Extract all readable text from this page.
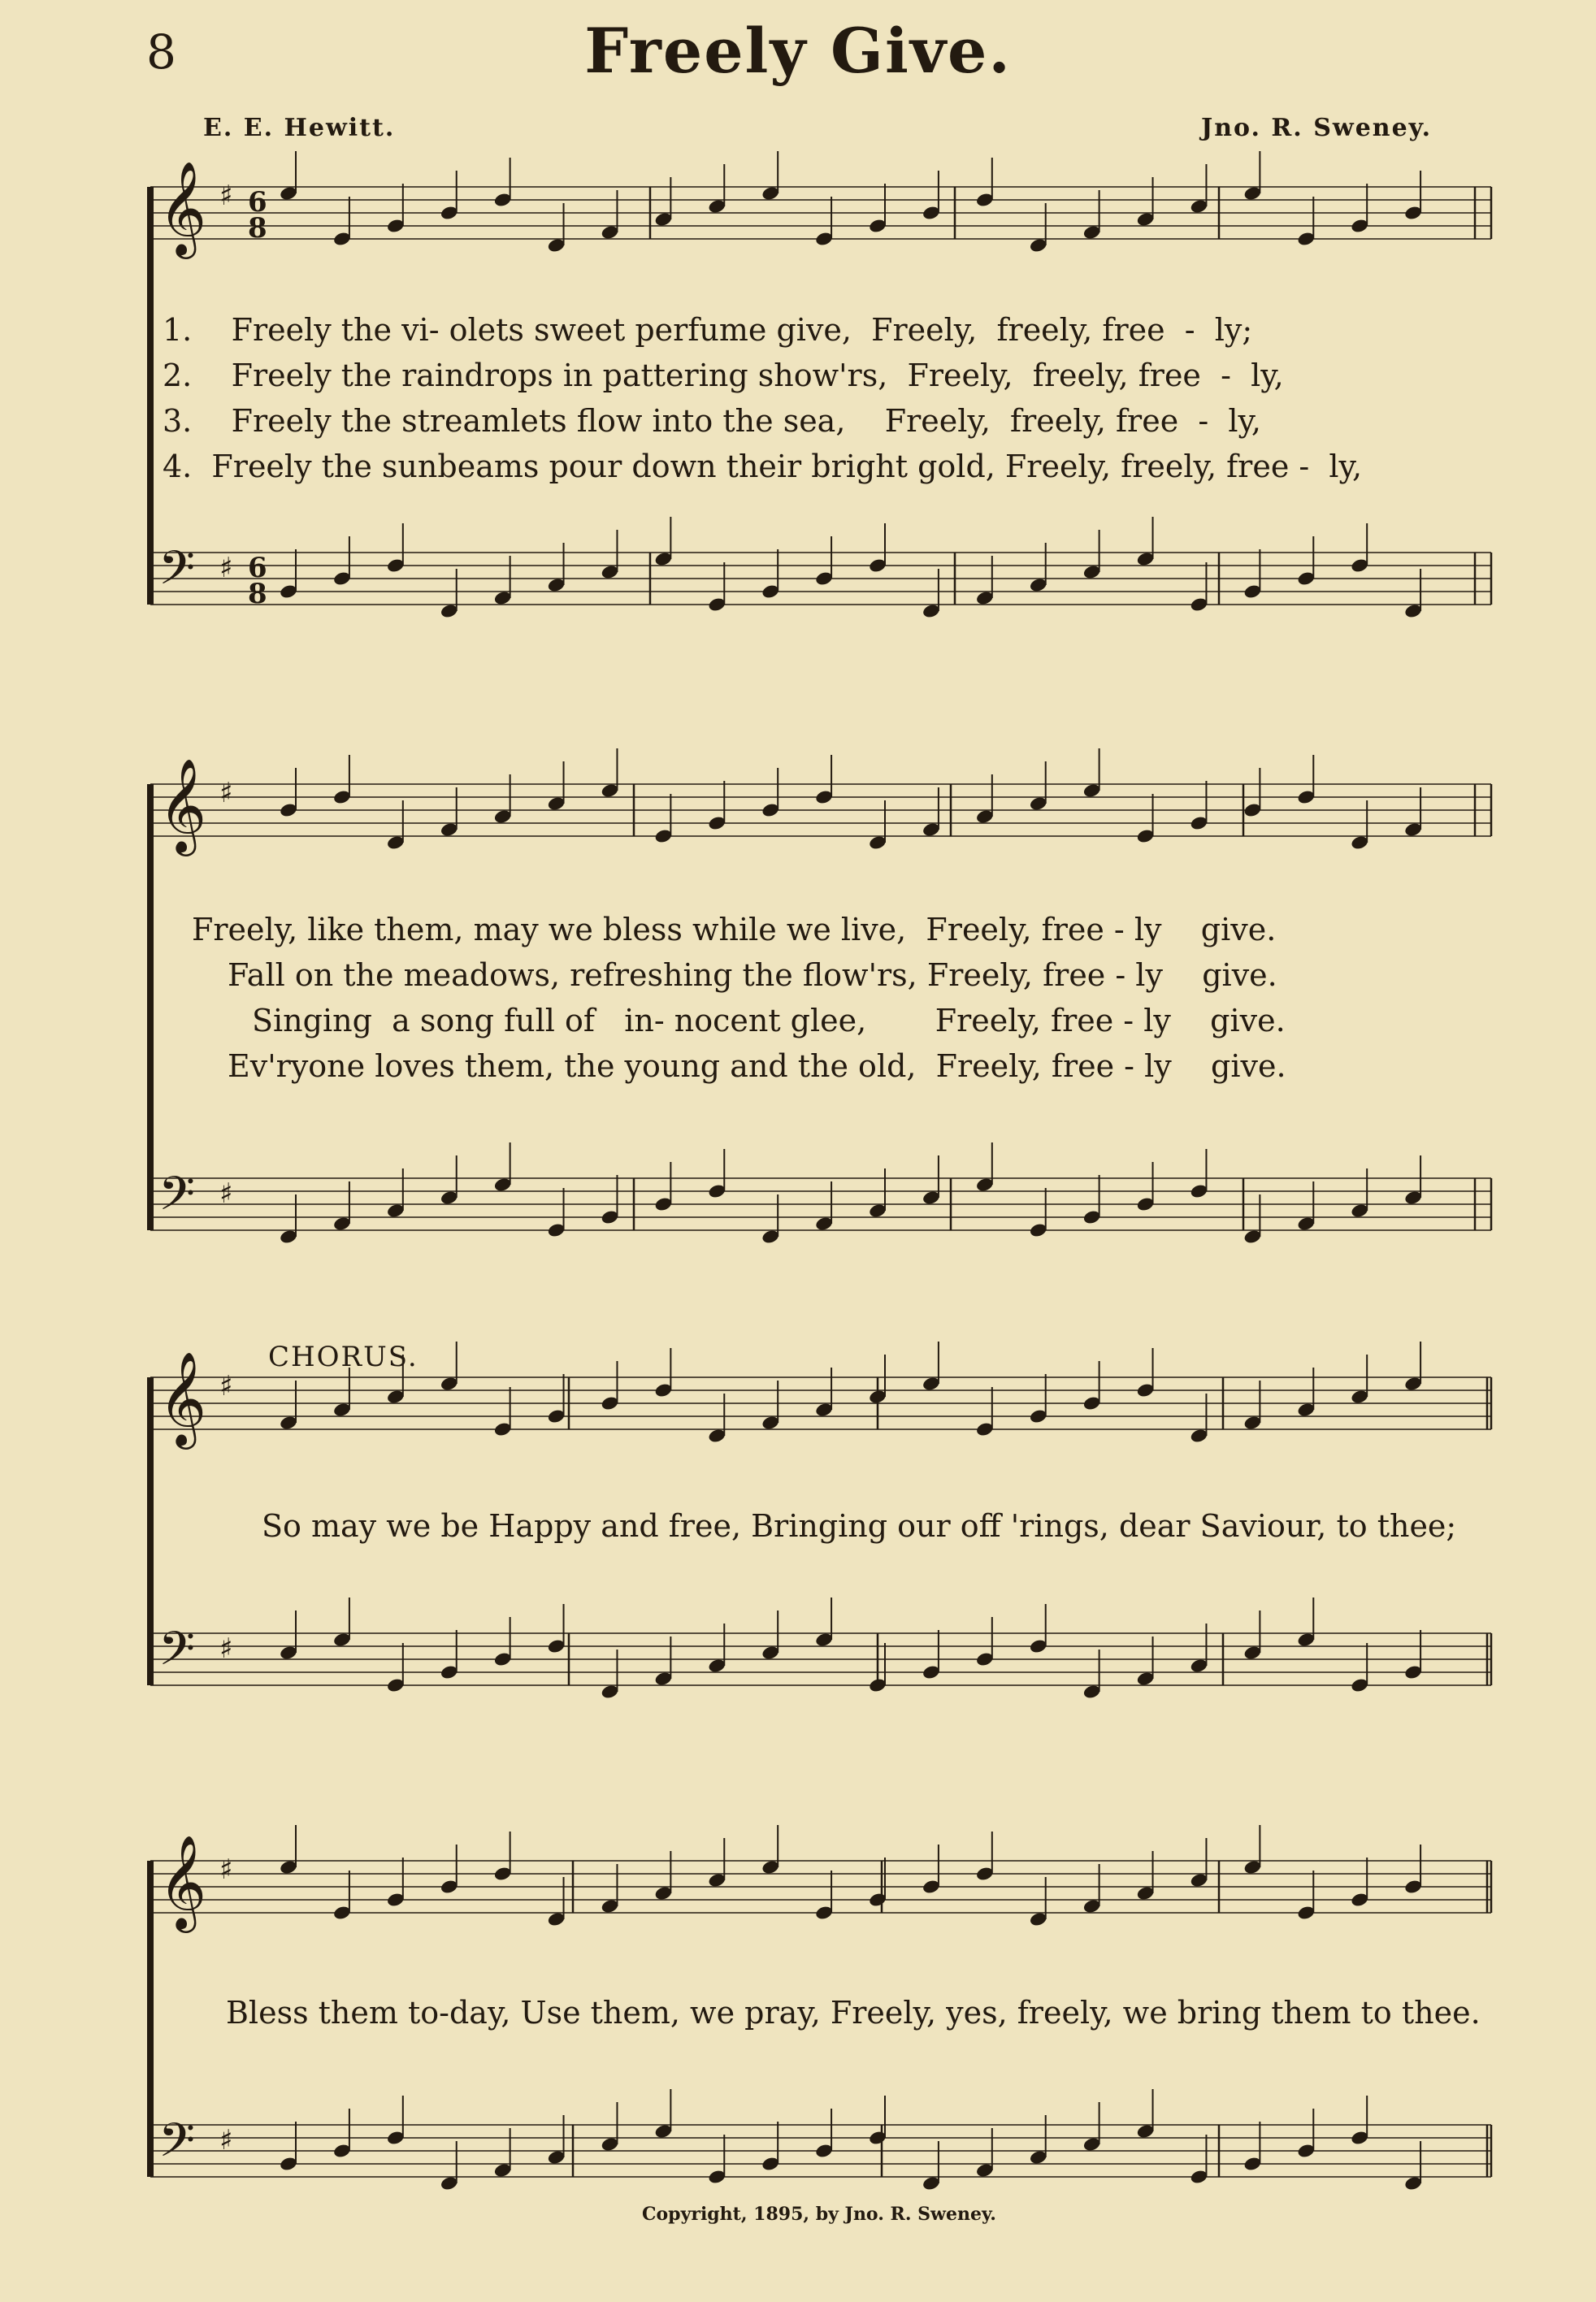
8	Freely Give.
E. E. Hewitt.	Jno. R. Sweney.
𝄞 ♯ 6
8
𝄢 ♯ 6
8
𝄞 ♯
𝄢 ♯
𝄞 ♯
𝄢 ♯
𝄞 ♯
𝄢 ♯
1.    Freely the vi- olets sweet perfume give,  Freely,  freely, free  -  ly;
2.    Freely the raindrops in pattering show'rs,  Freely,  freely, free  -  ly,
3.    Freely the streamlets flow into the sea,    Freely,  freely, free  -  ly,
4.  Freely the sunbeams pour down their bright gold, Freely, freely, free -  ly,
Freely, like them, may we bless while we live,  Freely, free - ly    give.
Fall on the meadows, refreshing the flow'rs, Freely, free - ly    give.
Singing  a song full of   in- nocent glee,       Freely, free - ly    give.
Ev'ryone loves them, the young and the old,  Freely, free - ly    give.
CHORUS.
So may we be Happy and free, Bringing our off 'rings, dear Saviour, to thee;
Bless them to-day, Use them, we pray, Freely, yes, freely, we bring them to thee.
Copyright, 1895, by Jno. R. Sweney.
